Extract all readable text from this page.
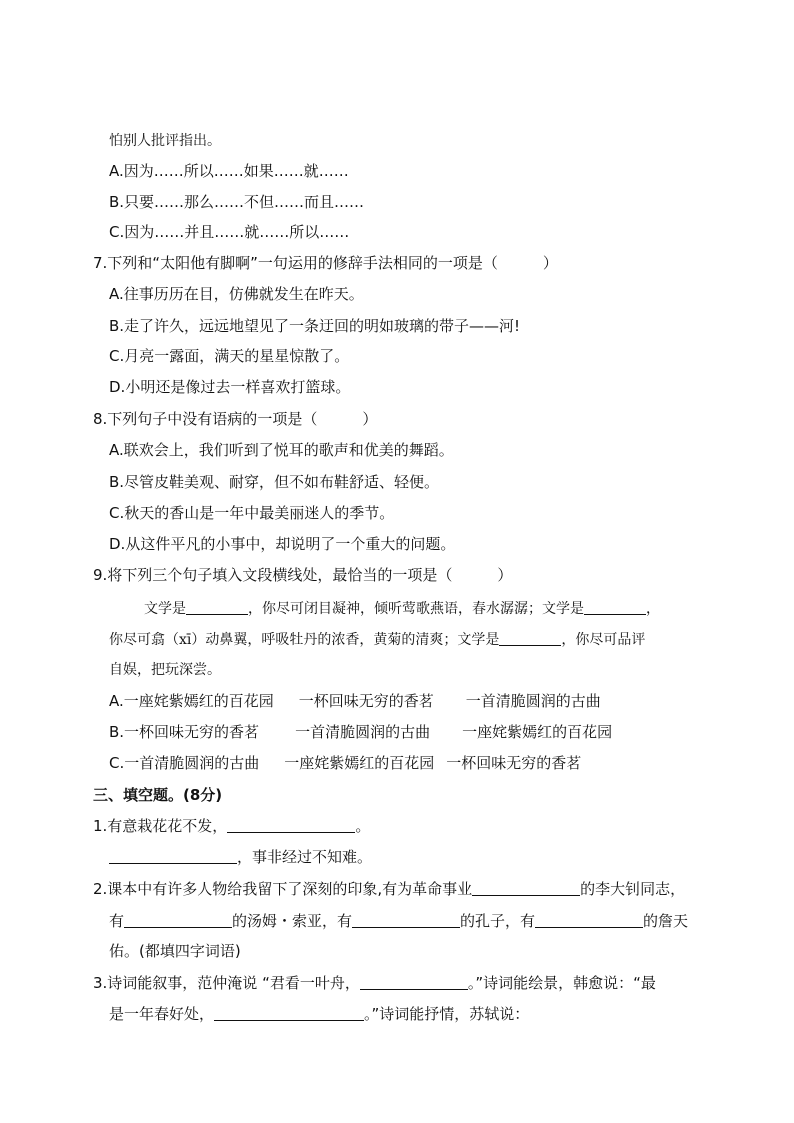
怕别人批评指出。
A.因为……所以……如果……就……
B.只要……那么……不但……而且……
C.因为……并且……就……所以……
7.下列和“太阳他有脚啊”一句运用的修辞手法相同的一项是（　　　）
A.往事历历在目，仿佛就发生在昨天。
B.走了许久，远远地望见了一条迂回的明如玻璃的带子——河!
C.月亮一露面，满天的星星惊散了。
D.小明还是像过去一样喜欢打篮球。
8.下列句子中没有语病的一项是（　　　）
A.联欢会上，我们听到了悦耳的歌声和优美的舞蹈。
B.尽管皮鞋美观、耐穿，但不如布鞋舒适、轻便。
C.秋天的香山是一年中最美丽迷人的季节。
D.从这件平凡的小事中，却说明了一个重大的问题。
9.将下列三个句子填入文段横线处，最恰当的一项是（　　　）
文学是	，你尽可闭目凝神，倾听莺歌燕语，春水潺潺；文学是	，
你尽可翕（xī）动鼻翼，呼吸牡丹的浓香，黄菊的清爽；文学是	，你尽可品评
自娱，把玩深尝。
A.一座姹紫嫣红的百花园 一杯回味无穷的香茗 一首清脆圆润的古曲
B.一杯回味无穷的香茗 一首清脆圆润的古曲 一座姹紫嫣红的百花园
C.一首清脆圆润的古曲 一座姹紫嫣红的百花园 一杯回味无穷的香茗
三、填空题。(8分)
1.有意栽花花不发，	。
，事非经过不知难。
2.课本中有许多人物给我留下了深刻的印象,有为革命事业	的李大钊同志，
有	的汤姆・索亚，有	的孔子，有	的詹天
佑。(都填四字词语)
3.诗词能叙事，范仲淹说 “君看一叶舟，	。”诗词能绘景，韩愈说：“最
是一年春好处，	。”诗词能抒情，苏轼说：
